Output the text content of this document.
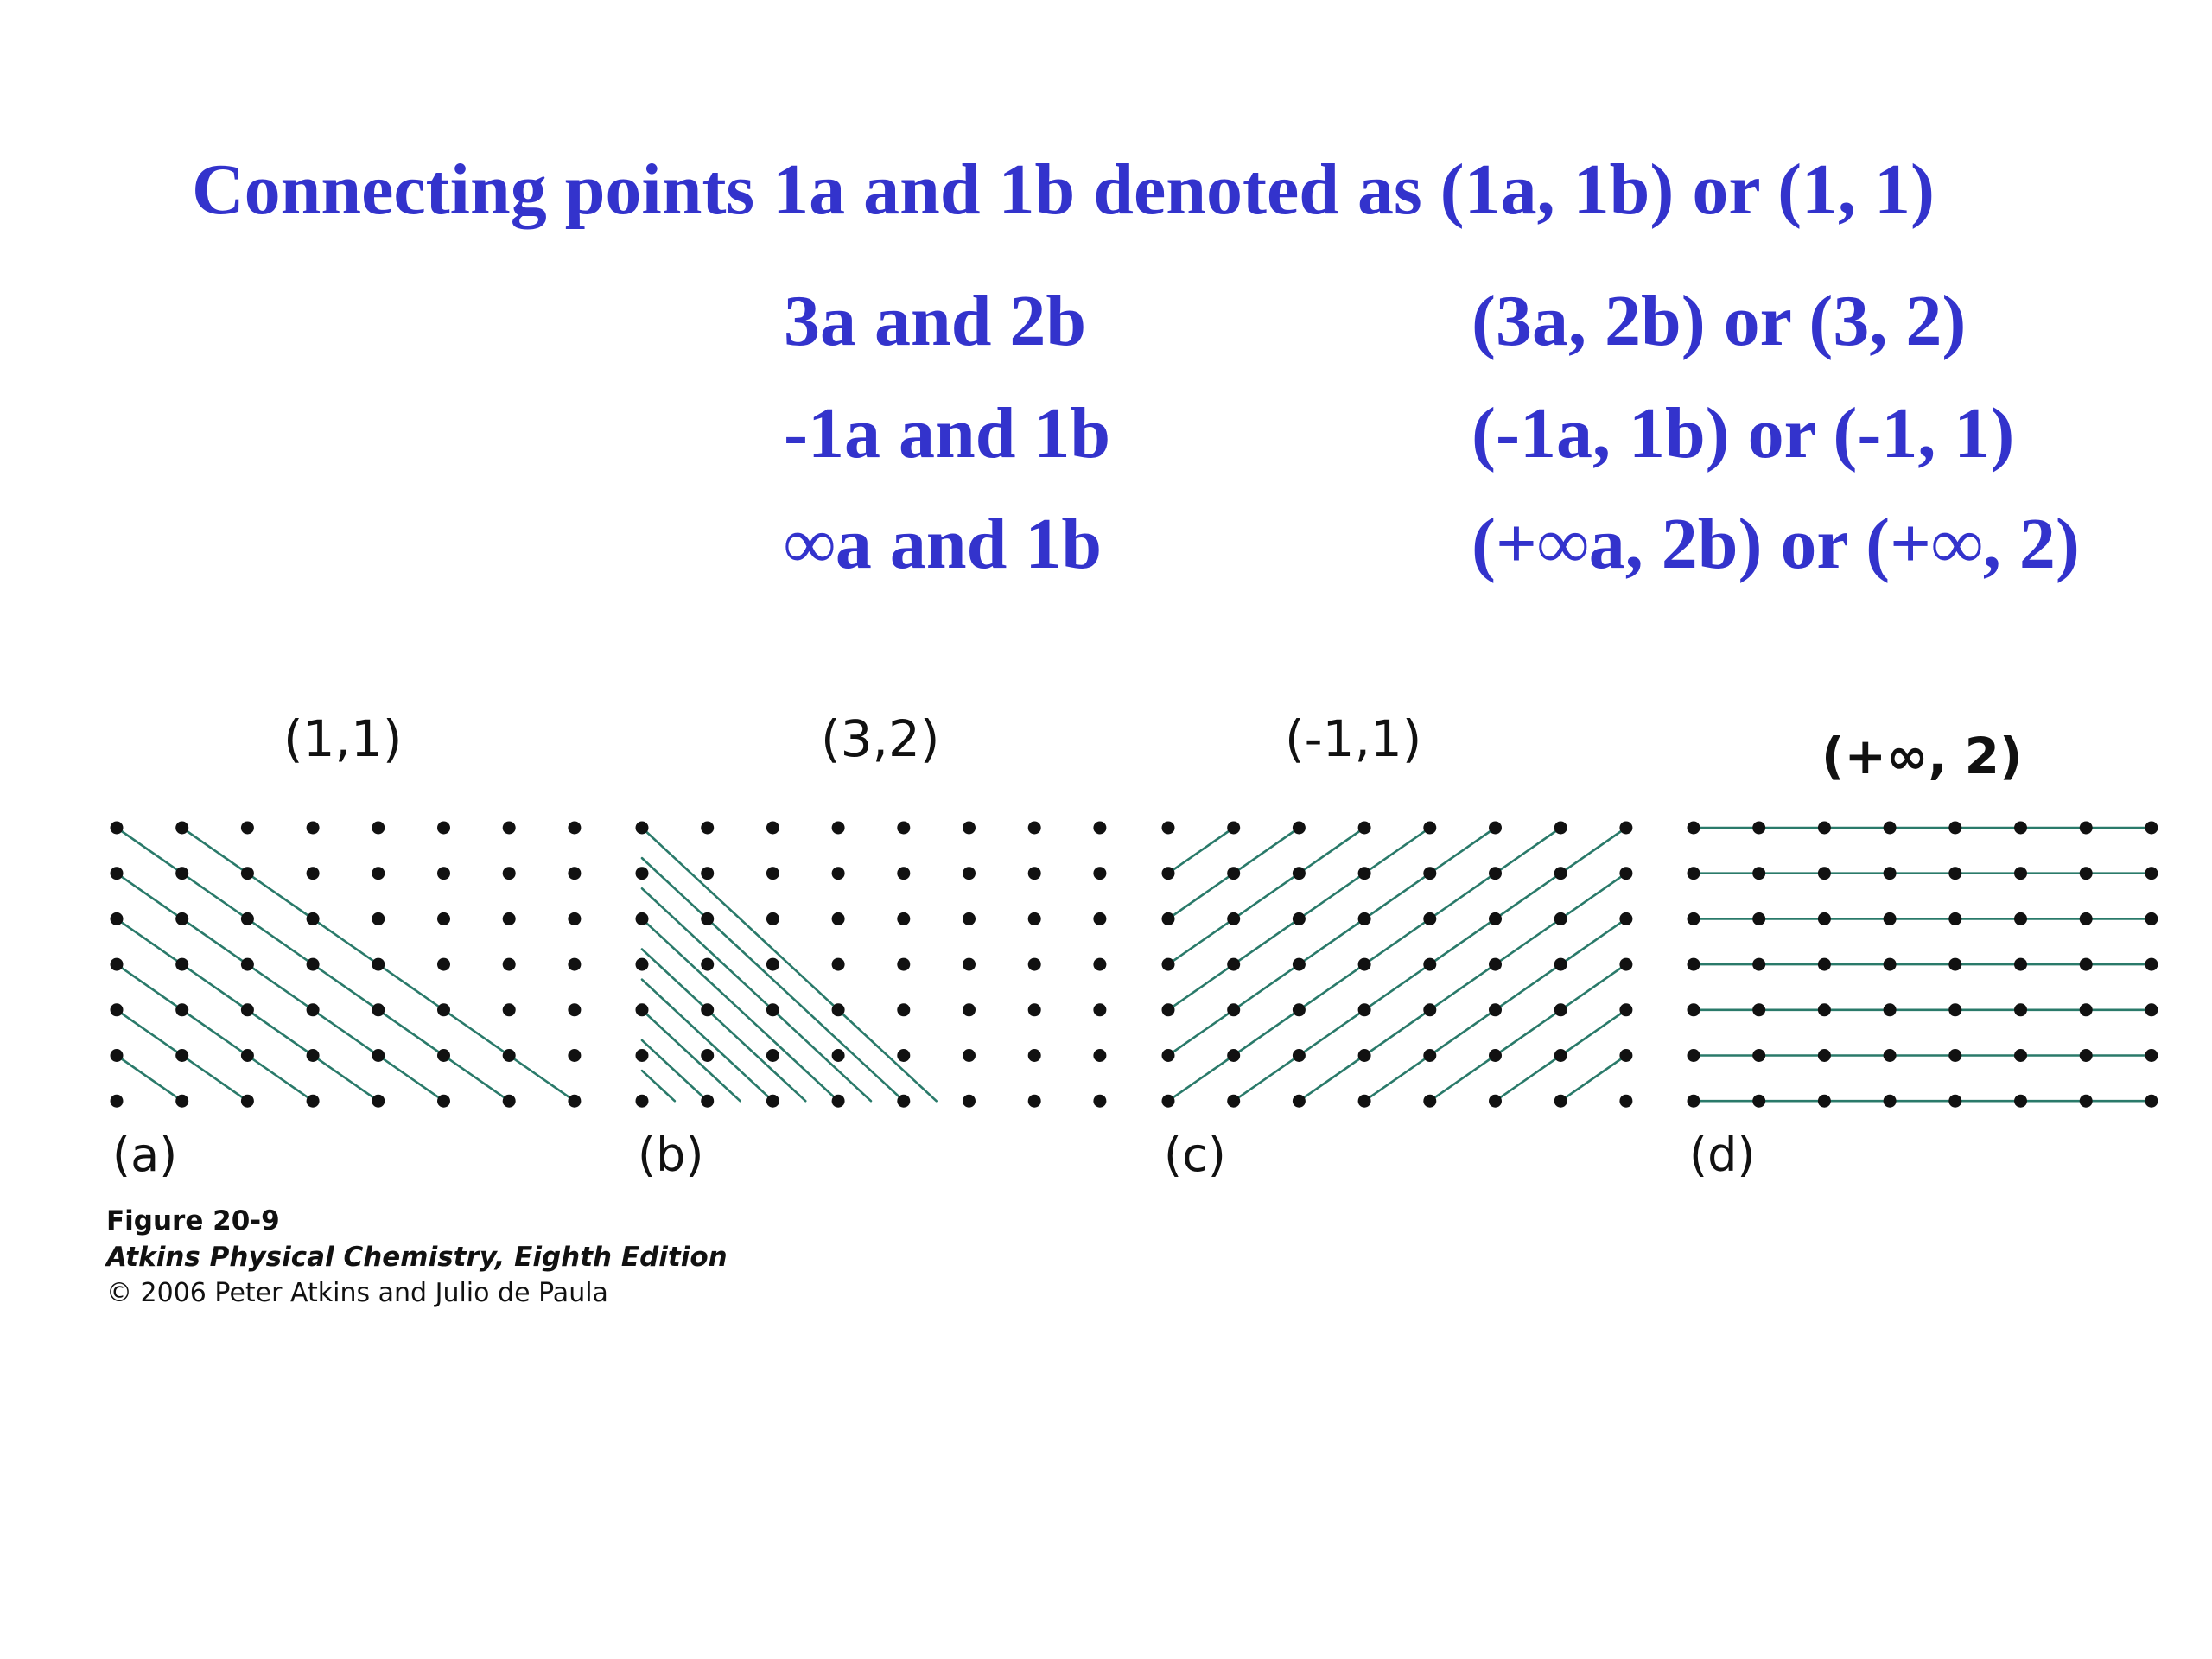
Connecting points 1a and 1b denoted as (1a, 1b) or (1, 1)
3a and 2b	(3a, 2b) or (3, 2)
-1a and 1b	(-1a, 1b) or (-1, 1)
∞a and 1b	(+∞a, 2b) or (+∞, 2)
(1,1)	(3,2)	(-1,1)	(+∞, 2)
(a)	(b)	(c)	(d)
Figure 20-9
Atkins Physical Chemistry, Eighth Edition
© 2006 Peter Atkins and Julio de Paula
